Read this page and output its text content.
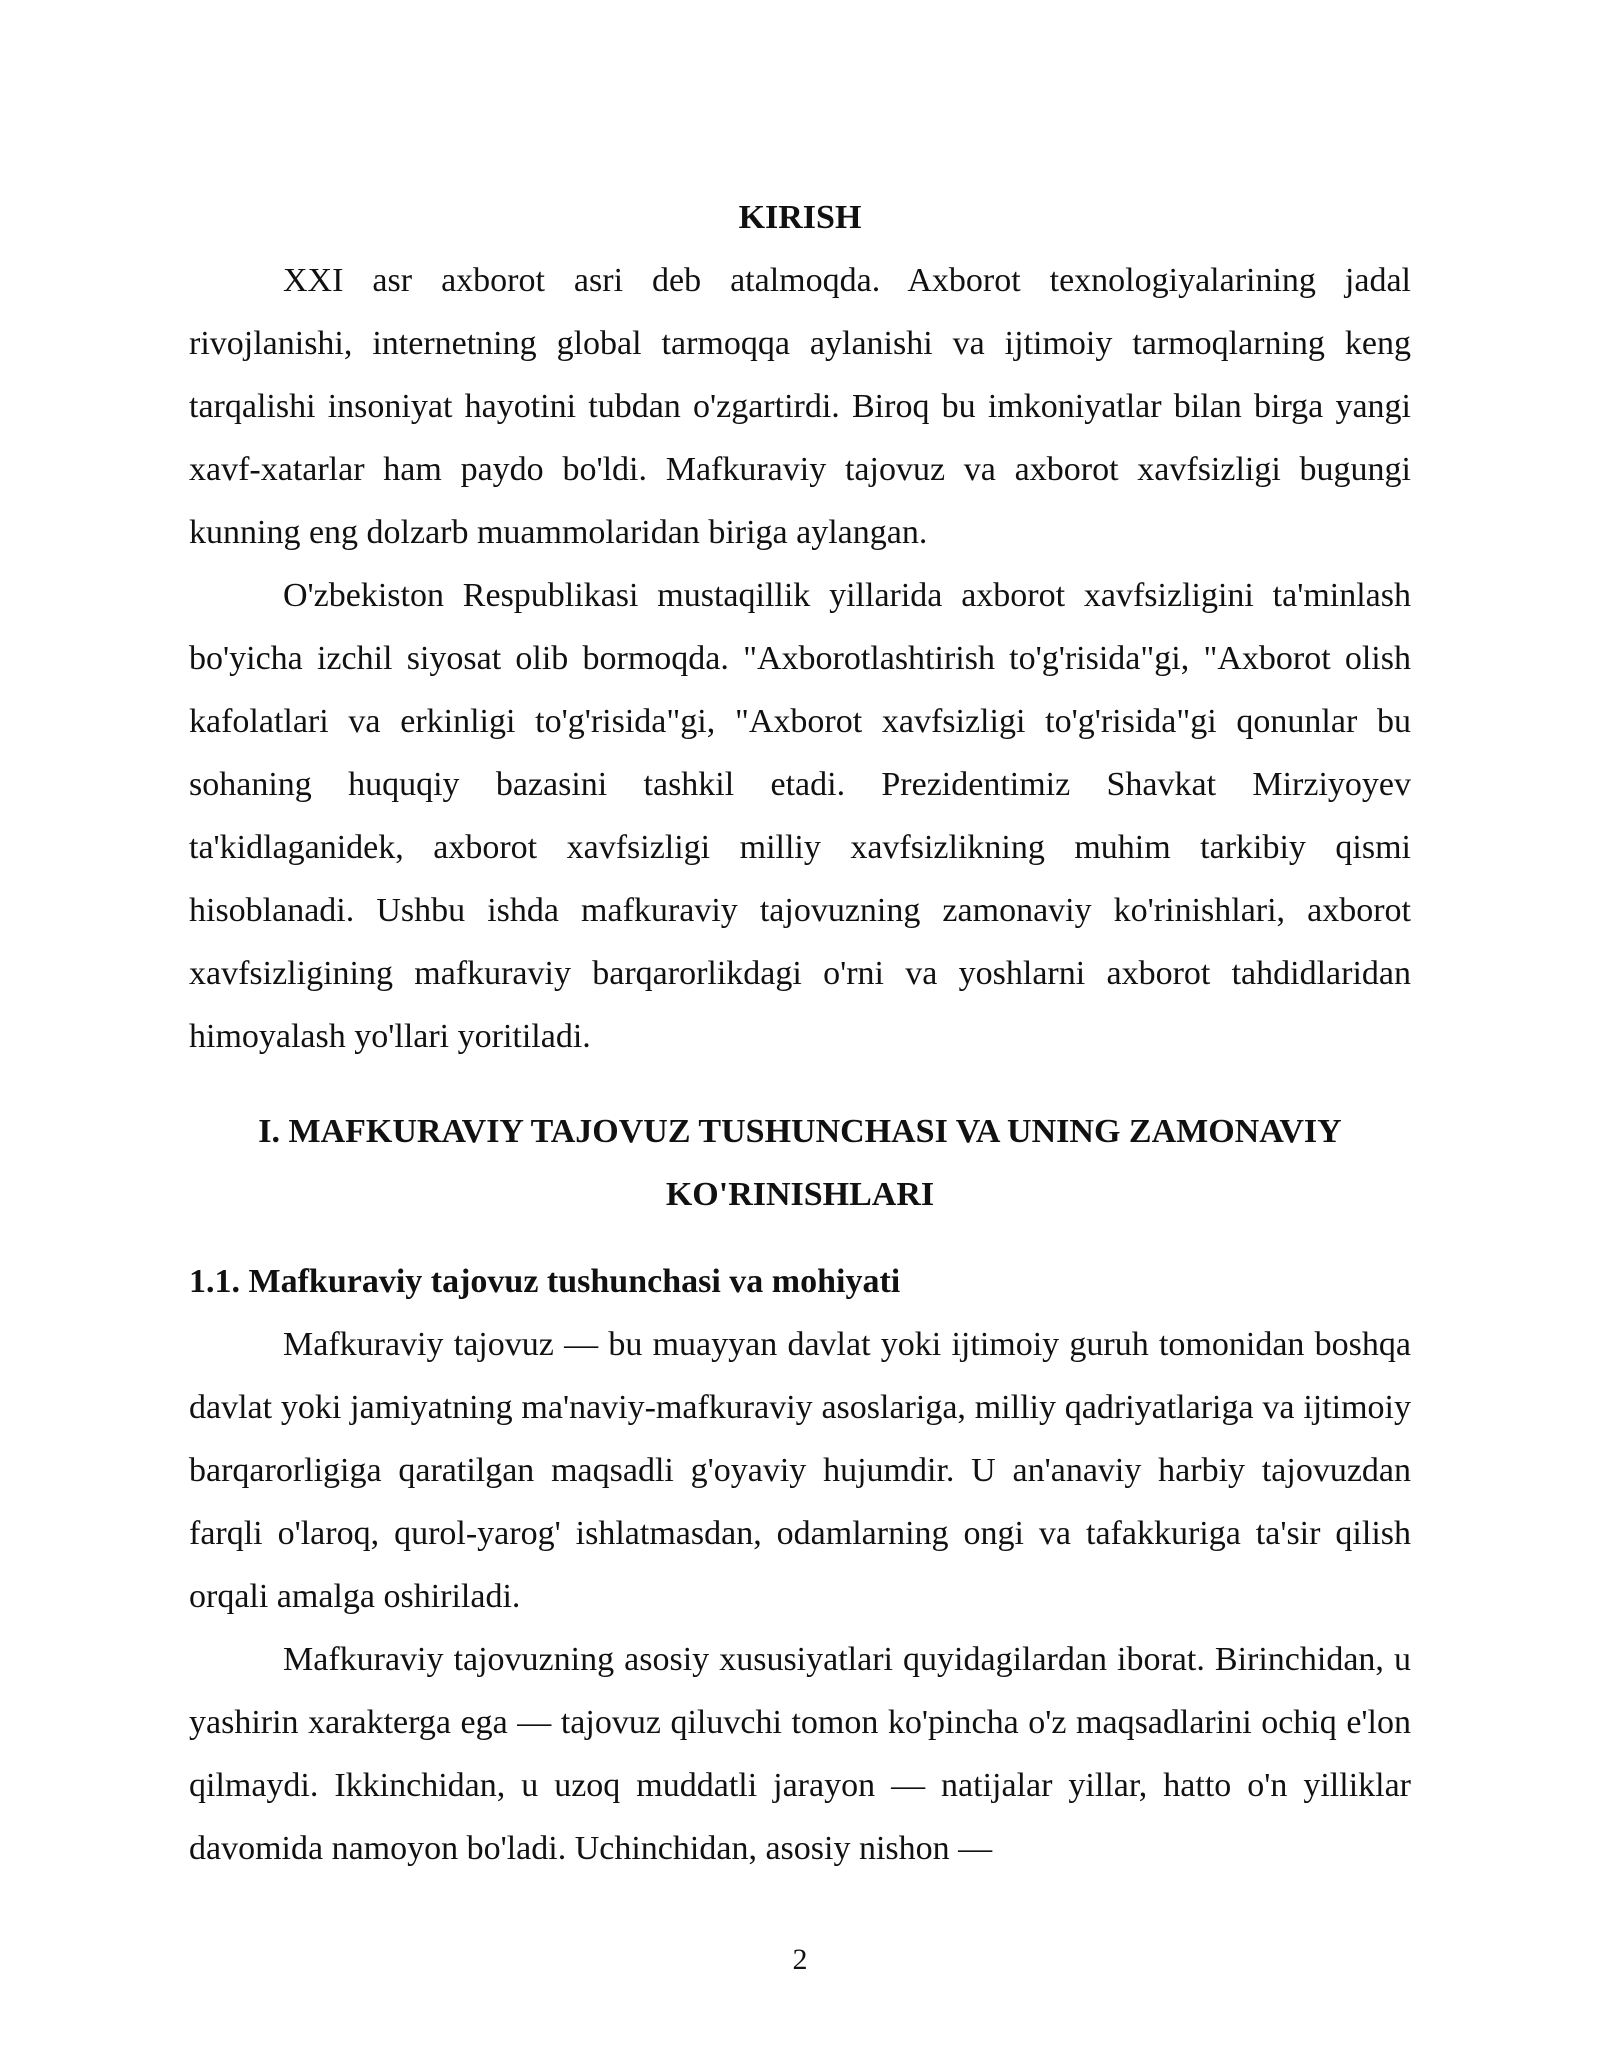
KIRISH

XXI asr axborot asri deb atalmoqda. Axborot texnologiyalarining jadal rivojlanishi, internetning global tarmoqqa aylanishi va ijtimoiy tarmoqlarning keng tarqalishi insoniyat hayotini tubdan o'zgartirdi. Biroq bu imkoniyatlar bilan birga yangi xavf-xatarlar ham paydo bo'ldi. Mafkuraviy tajovuz va axborot xavfsizligi bugungi kunning eng dolzarb muammolaridan biriga aylangan.

O'zbekiston Respublikasi mustaqillik yillarida axborot xavfsizligini ta'minlash bo'yicha izchil siyosat olib bormoqda. "Axborotlashtirish to'g'risida"gi, "Axborot olish kafolatlari va erkinligi to'g'risida"gi, "Axborot xavfsizligi to'g'risida"gi qonunlar bu sohaning huquqiy bazasini tashkil etadi. Prezidentimiz Shavkat Mirziyoyev ta'kidlaganidek, axborot xavfsizligi milliy xavfsizlikning muhim tarkibiy qismi hisoblanadi. Ushbu ishda mafkuraviy tajovuzning zamonaviy ko'rinishlari, axborot xavfsizligining mafkuraviy barqarorlikdagi o'rni va yoshlarni axborot tahdidlaridan himoyalash yo'llari yoritiladi.

I. MAFKURAVIY TAJOVUZ TUSHUNCHASI VA UNING ZAMONAVIY
KO'RINISHLARI
1.1. Mafkuraviy tajovuz tushunchasi va mohiyati

Mafkuraviy tajovuz — bu muayyan davlat yoki ijtimoiy guruh tomonidan boshqa davlat yoki jamiyatning ma'naviy-mafkuraviy asoslariga, milliy qadriyatlariga va ijtimoiy barqarorligiga qaratilgan maqsadli g'oyaviy hujumdir. U an'anaviy harbiy tajovuzdan farqli o'laroq, qurol-yarog' ishlatmasdan, odamlarning ongi va tafakkuriga ta'sir qilish orqali amalga oshiriladi.

Mafkuraviy tajovuzning asosiy xususiyatlari quyidagilardan iborat. Birinchidan, u yashirin xarakterga ega — tajovuz qiluvchi tomon ko'pincha o'z maqsadlarini ochiq e'lon qilmaydi. Ikkinchidan, u uzoq muddatli jarayon — natijalar yillar, hatto o'n yilliklar davomida namoyon bo'ladi. Uchinchidan, asosiy nishon —

2
